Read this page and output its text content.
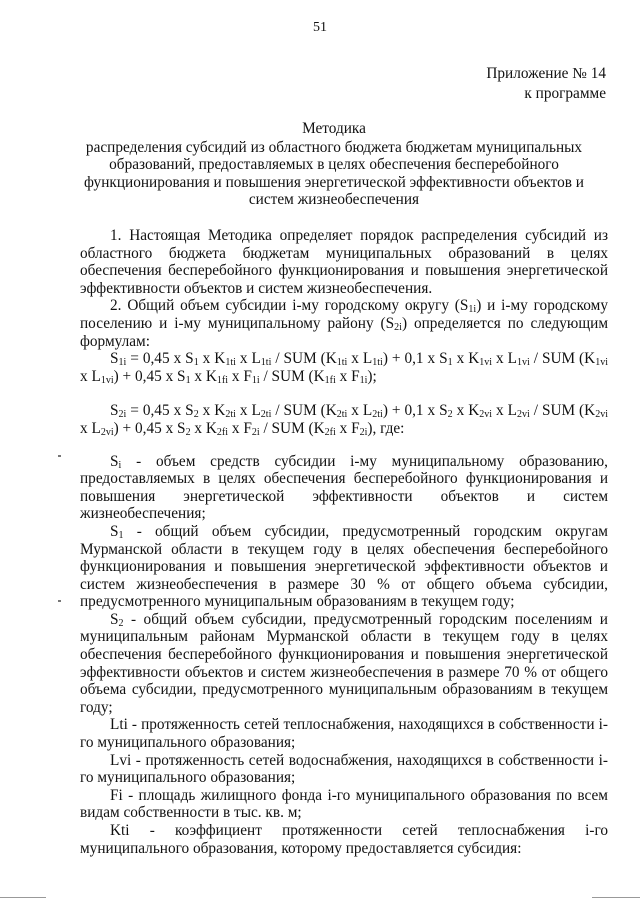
51
Приложение № 14
к программе
Методика
распределения субсидий из областного бюджета бюджетам муниципальных
образований, предоставляемых в целях обеспечения бесперебойного
функционирования и повышения энергетической эффективности объектов и
систем жизнеобеспечения

1. Настоящая Методика определяет порядок распределения субсидий из областного бюджета бюджетам муниципальных образований в целях обеспечения бесперебойного функционирования и повышения энергетической эффективности объектов и систем жизнеобеспечения.

2. Общий объем субсидии i-му городскому округу $(S_{1i})$ и i-му городскому поселению и i-му муниципальному району $(S_{2i})$ определяется по следующим формулам:

$S_{1i} = 0,45$ x $S_1$ x $K_{1ti}$ x $L_{1ti}$ / SUM ($K_{1ti}$ x $L_{1ti}) + 0,1$ x $S_1$ x $K_{1vi}$ x $L_{1vi}$ / SUM ($K_{1vi}$ x $L_{1vi}) + 0,45$ x $S_1$ x $K_{1fi}$ x $F_{1i}$ / SUM ($K_{1fi}$ x $F_{1i}$);

$S_{2i} = 0,45$ x $S_2$ x $K_{2ti}$ x $L_{2ti}$ / SUM ($K_{2ti}$ x $L_{2ti}) + 0,1$ x $S_2$ x $K_{2vi}$ x $L_{2vi}$ / SUM ($K_{2vi}$ x $L_{2vi}) + 0,45$ x $S_2$ x $K_{2fi}$ x $F_{2i}$ / SUM ($K_{2fi}$ x $F_{2i}$), где:

$S_i$ - объем средств субсидии i-му муниципальному образованию, предоставляемых в целях обеспечения бесперебойного функционирования и повышения энергетической эффективности объектов и систем жизнеобеспечения;

$S_1$ - общий объем субсидии, предусмотренный городским округам Мурманской области в текущем году в целях обеспечения бесперебойного функционирования и повышения энергетической эффективности объектов и систем жизнеобеспечения в размере 30 % от общего объема субсидии, предусмотренного муниципальным образованиям в текущем году;

$S_2$ - общий объем субсидии, предусмотренный городским поселениям и муниципальным районам Мурманской области в текущем году в целях обеспечения бесперебойного функционирования и повышения энергетической эффективности объектов и систем жизнеобеспечения в размере 70 % от общего объема субсидии, предусмотренного муниципальным образованиям в текущем году;

Lti - протяженность сетей теплоснабжения, находящихся в собственности i-го муниципального образования;

Lvi - протяженность сетей водоснабжения, находящихся в собственности i-го муниципального образования;

Fi - площадь жилищного фонда i-го муниципального образования по всем видам собственности в тыс. кв. м;

Kti - коэффициент протяженности сетей теплоснабжения i-го муниципального образования, которому предоставляется субсидия:
